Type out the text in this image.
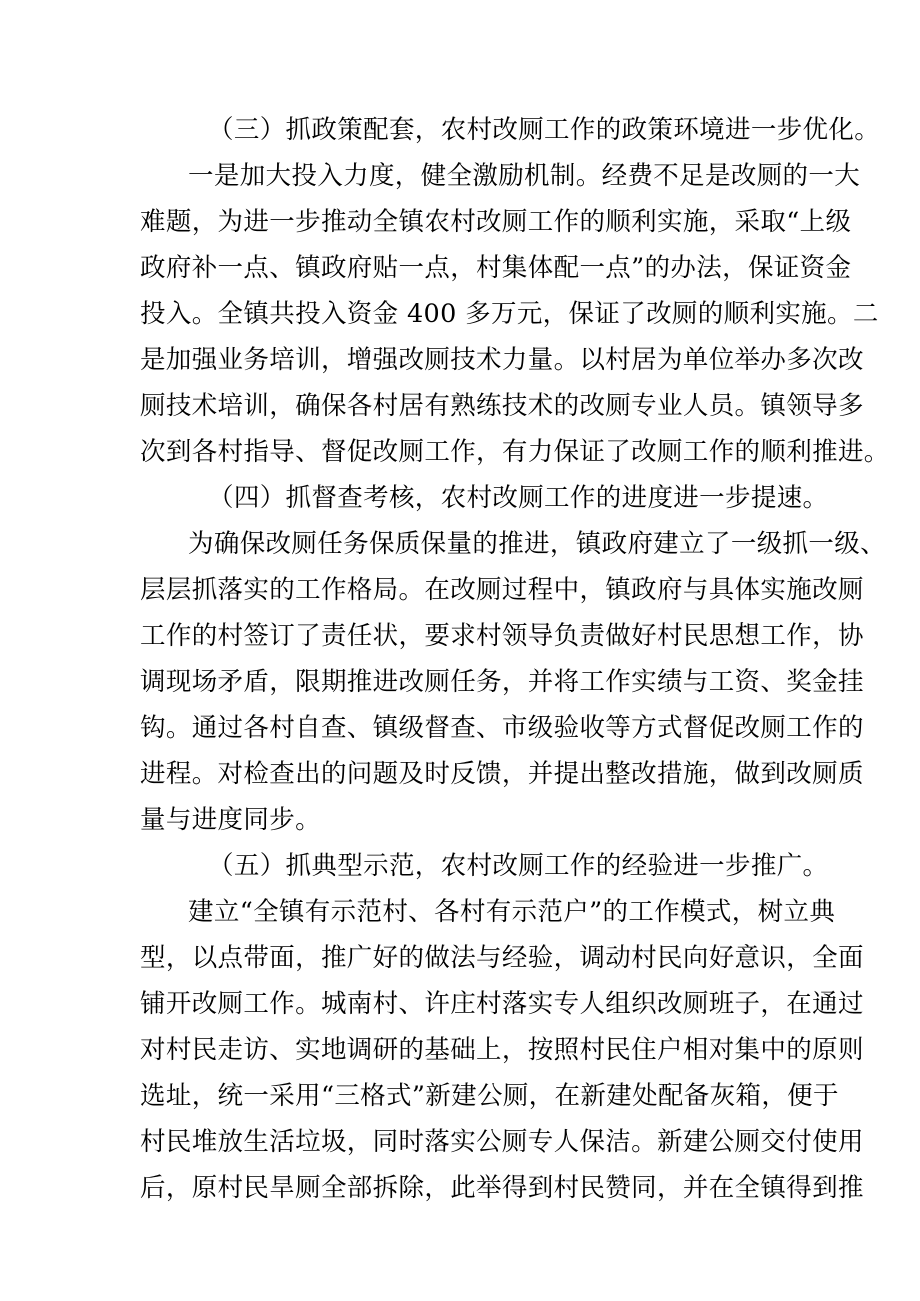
（三）抓政策配套，农村改厕工作的政策环境进一步优化。

一是加大投入力度，健全激励机制。经费不足是改厕的一大

难题，为进一步推动全镇农村改厕工作的顺利实施，采取“上级

政府补一点、镇政府贴一点，村集体配一点”的办法，保证资金

投入。全镇共投入资金 400 多万元，保证了改厕的顺利实施。二

是加强业务培训，增强改厕技术力量。以村居为单位举办多次改

厕技术培训，确保各村居有熟练技术的改厕专业人员。镇领导多

次到各村指导、督促改厕工作，有力保证了改厕工作的顺利推进。

（四）抓督查考核，农村改厕工作的进度进一步提速。

为确保改厕任务保质保量的推进，镇政府建立了一级抓一级、

层层抓落实的工作格局。在改厕过程中，镇政府与具体实施改厕

工作的村签订了责任状，要求村领导负责做好村民思想工作，协

调现场矛盾，限期推进改厕任务，并将工作实绩与工资、奖金挂

钩。通过各村自查、镇级督查、市级验收等方式督促改厕工作的

进程。对检查出的问题及时反馈，并提出整改措施，做到改厕质

量与进度同步。

（五）抓典型示范，农村改厕工作的经验进一步推广。

建立“全镇有示范村、各村有示范户”的工作模式，树立典

型，以点带面，推广好的做法与经验，调动村民向好意识，全面

铺开改厕工作。城南村、许庄村落实专人组织改厕班子，在通过

对村民走访、实地调研的基础上，按照村民住户相对集中的原则

选址，统一采用“三格式”新建公厕，在新建处配备灰箱，便于

村民堆放生活垃圾，同时落实公厕专人保洁。新建公厕交付使用

后，原村民旱厕全部拆除，此举得到村民赞同，并在全镇得到推
